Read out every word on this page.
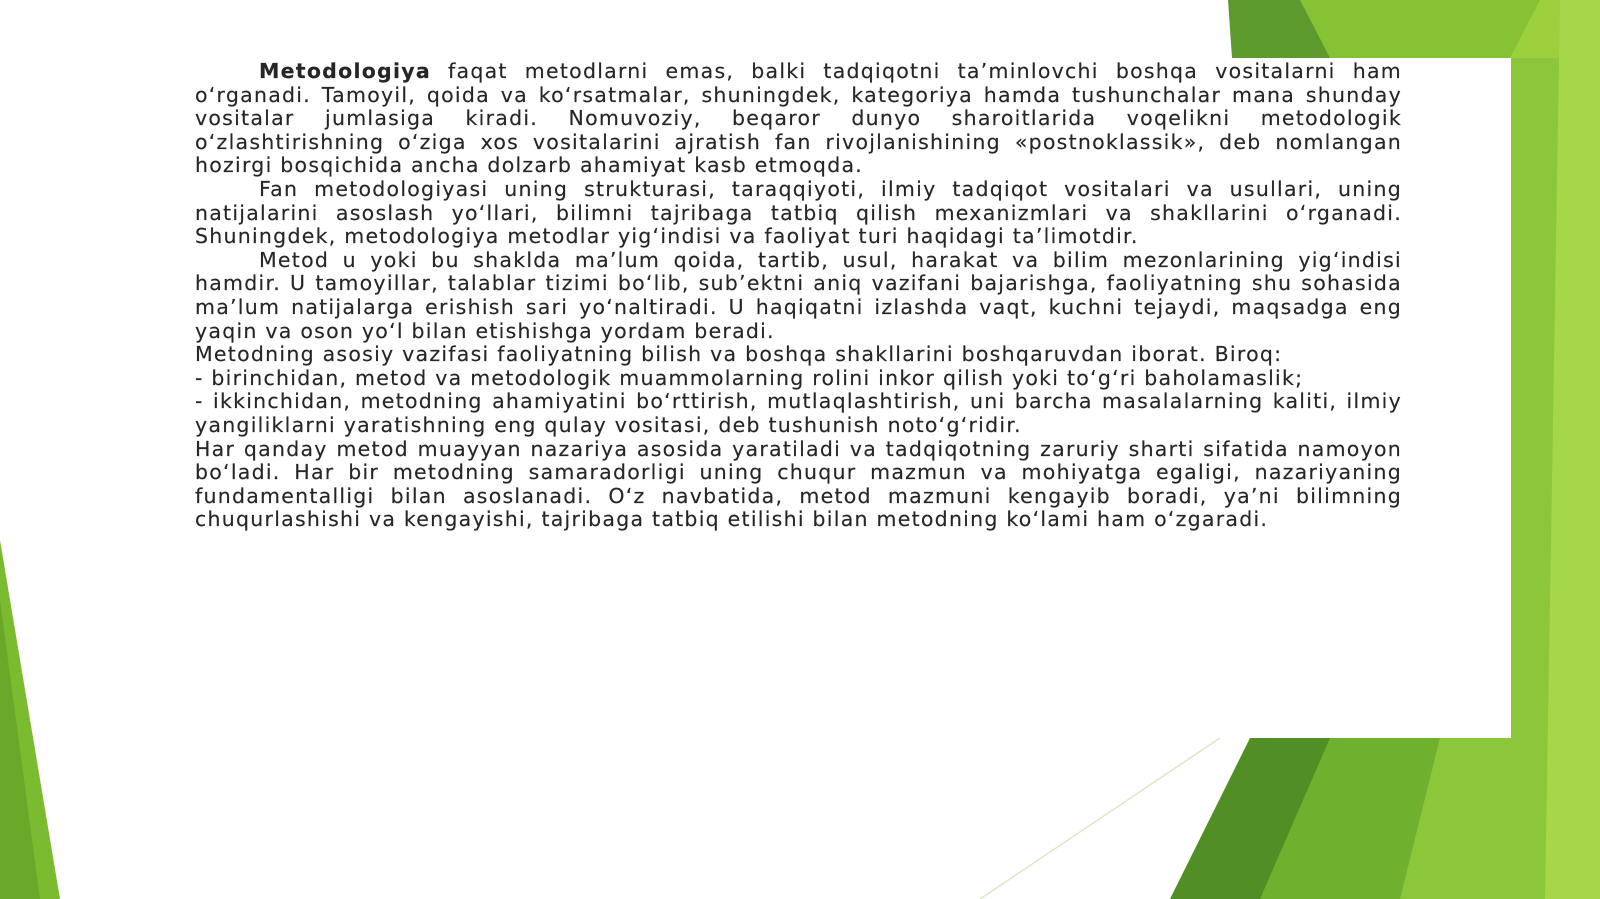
Metodologiya faqat metodlarni emas, balki tadqiqotni ta’minlovchi boshqa vositalarni ham o‘rganadi. Tamoyil, qoida va ko‘rsatmalar, shuningdek, kategoriya hamda tushunchalar mana shunday vositalar jumlasiga kiradi. Nomuvoziy, beqaror dunyo sharoitlarida voqelikni metodologik o‘zlashtirishning o‘ziga xos vositalarini ajratish fan rivojlanishining «postnoklassik», deb nomlangan hozirgi bosqichida ancha dolzarb ahamiyat kasb etmoqda.

Fan metodologiyasi uning strukturasi, taraqqiyoti, ilmiy tadqiqot vositalari va usullari, uning natijalarini asoslash yo‘llari, bilimni tajribaga tatbiq qilish mexanizmlari va shakllarini o‘rganadi. Shuningdek, metodologiya metodlar yig‘indisi va faoliyat turi haqidagi ta’limotdir.

Metod u yoki bu shaklda ma’lum qoida, tartib, usul, harakat va bilim mezonlarining yig‘indisi hamdir. U tamoyillar, talablar tizimi bo‘lib, sub’ektni aniq vazifani bajarishga, faoliyatning shu sohasida ma’lum natijalarga erishish sari yo‘naltiradi. U haqiqatni izlashda vaqt, kuchni tejaydi, maqsadga eng yaqin va oson yo‘l bilan etishishga yordam beradi.

Metodning asosiy vazifasi faoliyatning bilish va boshqa shakllarini boshqaruvdan iborat. Biroq:

- birinchidan, metod va metodologik muammolarning rolini inkor qilish yoki to‘g‘ri baholamaslik;

- ikkinchidan, metodning ahamiyatini bo‘rttirish, mutlaqlashtirish, uni barcha masalalarning kaliti, ilmiy yangiliklarni yaratishning eng qulay vositasi, deb tushunish noto‘g‘ridir.

Har qanday metod muayyan nazariya asosida yaratiladi va tadqiqotning zaruriy sharti sifatida namoyon bo‘ladi. Har bir metodning samaradorligi uning chuqur mazmun va mohiyatga egaligi, nazariyaning fundamentalligi bilan asoslanadi. O‘z navbatida, metod mazmuni kengayib boradi, ya’ni bilimning chuqurlashishi va kengayishi, tajribaga tatbiq etilishi bilan metodning ko‘lami ham o‘zgaradi.
